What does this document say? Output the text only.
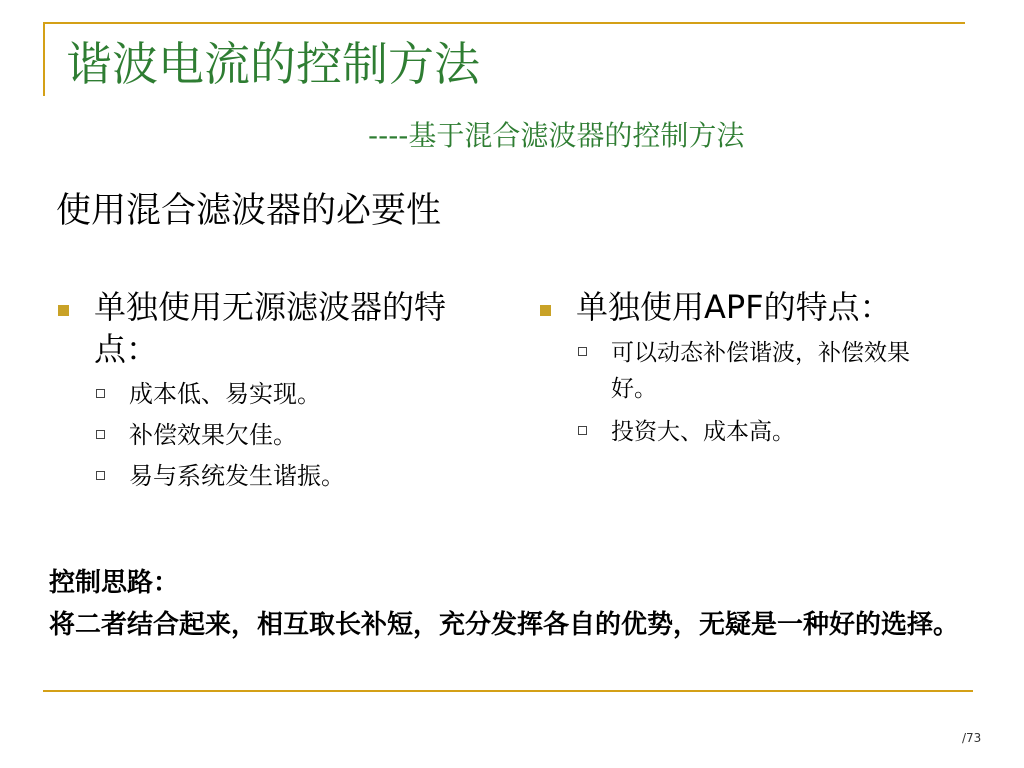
谐波电流的控制方法
----基于混合滤波器的控制方法
使用混合滤波器的必要性
单独使用无源滤波器的特点：
成本低、易实现。
补偿效果欠佳。
易与系统发生谐振。
单独使用APF的特点：
可以动态补偿谐波，补偿效果好。
投资大、成本高。

控制思路：
将二者结合起来，相互取长补短，充分发挥各自的优势，无疑是一种好的选择。

/73
